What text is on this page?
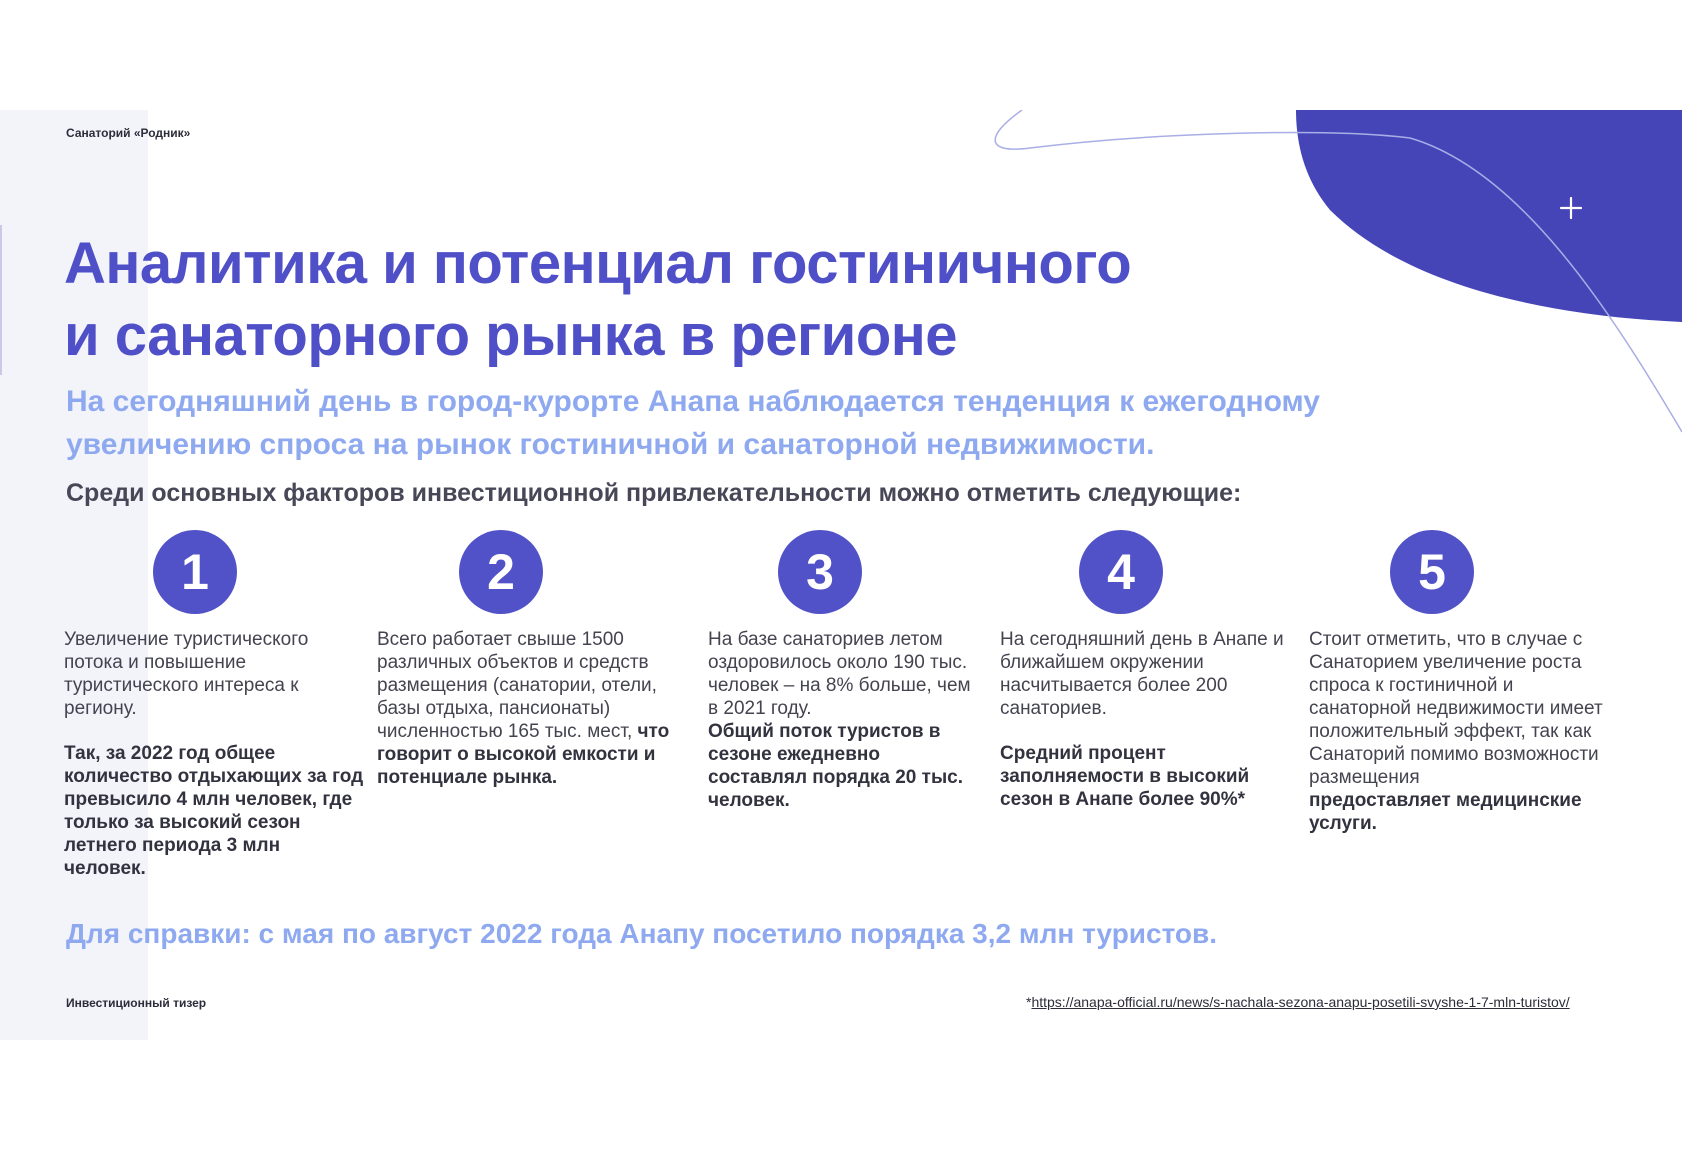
Санаторий «Родник»
Аналитика и потенциал гостиничного
и санаторного рынка в регионе
На сегодняшний день в город-курорте Анапа наблюдается тенденция к ежегодному
увеличению спроса на рынок гостиничной и санаторной недвижимости.
Среди основных факторов инвестиционной привлекательности можно отметить следующие:
1	2	3	4	5

Увеличение туристического потока и повышение туристического интереса к региону.

Так, за 2022 год общее количество отдыхающих за год превысило 4 млн человек, где только за высокий сезон летнего периода 3 млн человек.

Всего работает свыше 1500 различных объектов и средств размещения (санатории, отели, базы отдыха, пансионаты) численностью 165 тыс. мест, что говорит о высокой емкости и потенциале рынка.

На базе санаториев летом оздоровилось около 190 тыс. человек – на 8% больше, чем в 2021 году.

Общий поток туристов в сезоне ежедневно составлял порядка 20 тыс. человек.

На сегодняшний день в Анапе и ближайшем окружении насчитывается более 200 санаториев.

Средний процент заполняемости в высокий сезон в Анапе более 90%*

Стоит отметить, что в случае с Санаторием увеличение роста спроса к гостиничной и санаторной недвижимости имеет положительный эффект, так как Санаторий помимо возможности размещения

предоставляет медицинские услуги.

Для справки: с мая по август 2022 года Анапу посетило порядка 3,2 млн туристов.
Инвестиционный тизер	*https://anapa-official.ru/news/s-nachala-sezona-anapu-posetili-svyshe-1-7-mln-turistov/
